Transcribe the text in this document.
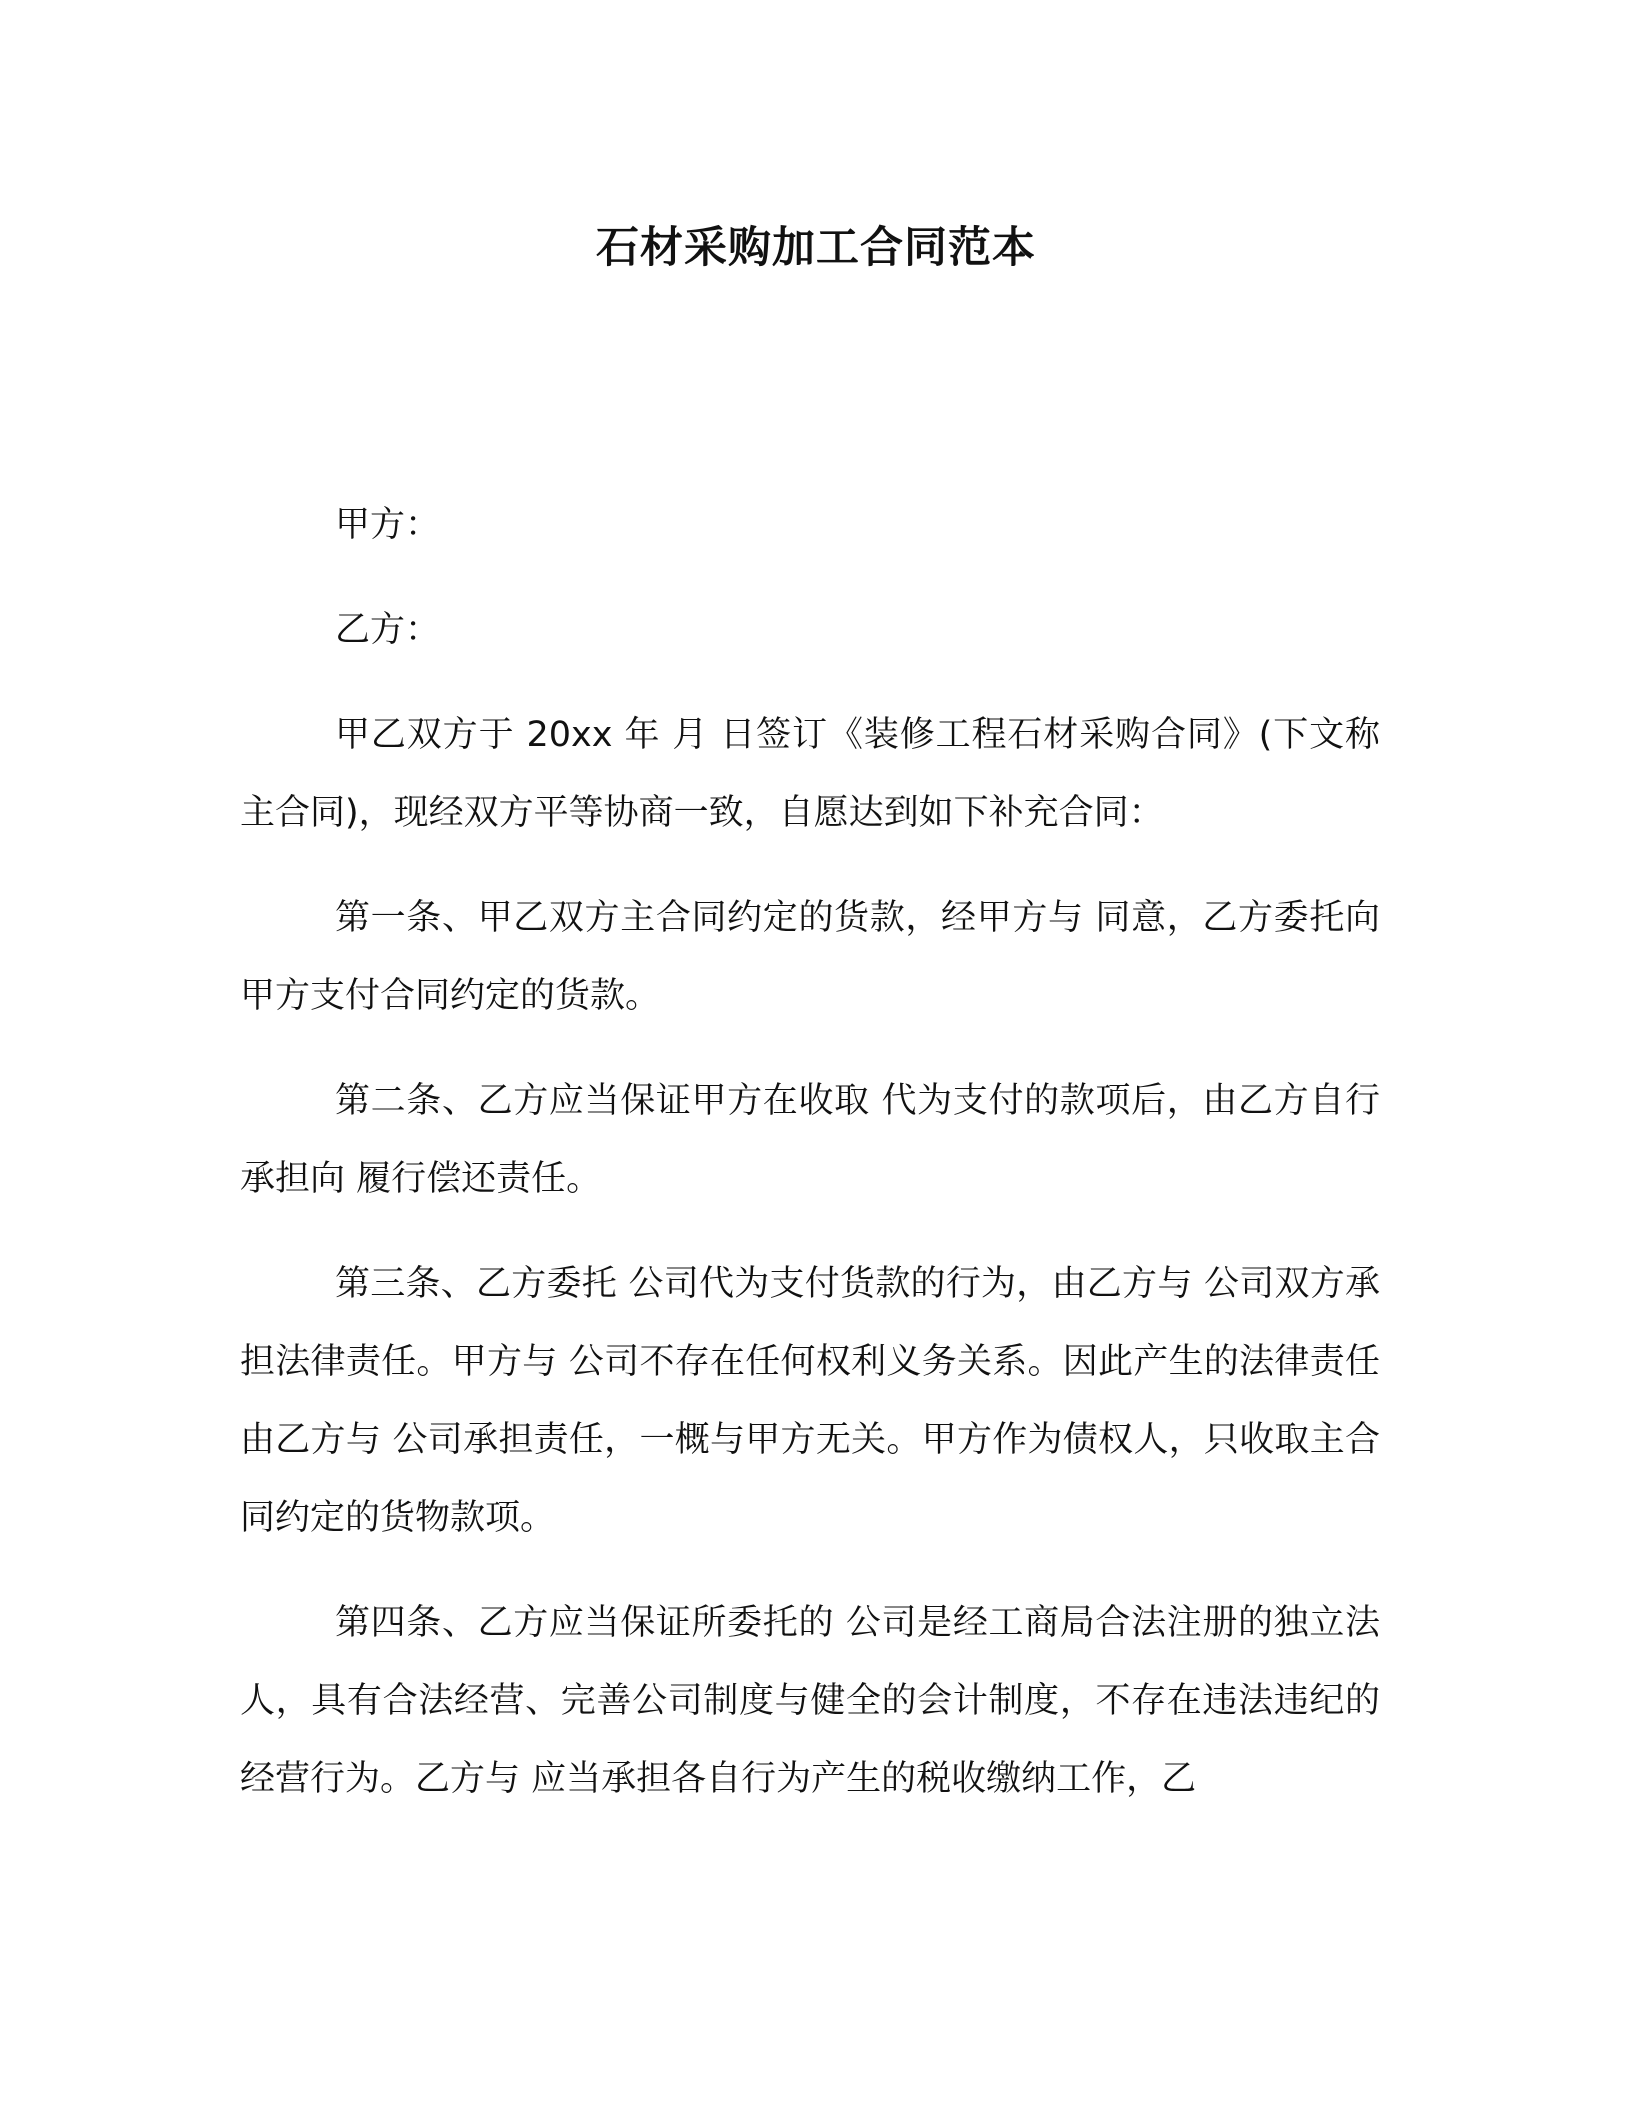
石材采购加工合同范本

甲方：

乙方：

甲乙双方于 20xx 年 月 日签订《装修工程石材采购合同》(下文称主合同)，现经双方平等协商一致，自愿达到如下补充合同：

第一条、甲乙双方主合同约定的货款，经甲方与 同意，乙方委托向甲方支付合同约定的货款。

第二条、乙方应当保证甲方在收取 代为支付的款项后，由乙方自行承担向 履行偿还责任。

第三条、乙方委托 公司代为支付货款的行为，由乙方与 公司双方承担法律责任。甲方与 公司不存在任何权利义务关系。因此产生的法律责任由乙方与 公司承担责任，一概与甲方无关。甲方作为债权人，只收取主合同约定的货物款项。

第四条、乙方应当保证所委托的 公司是经工商局合法注册的独立法人，具有合法经营、完善公司制度与健全的会计制度，不存在违法违纪的经营行为。乙方与 应当承担各自行为产生的税收缴纳工作，乙
